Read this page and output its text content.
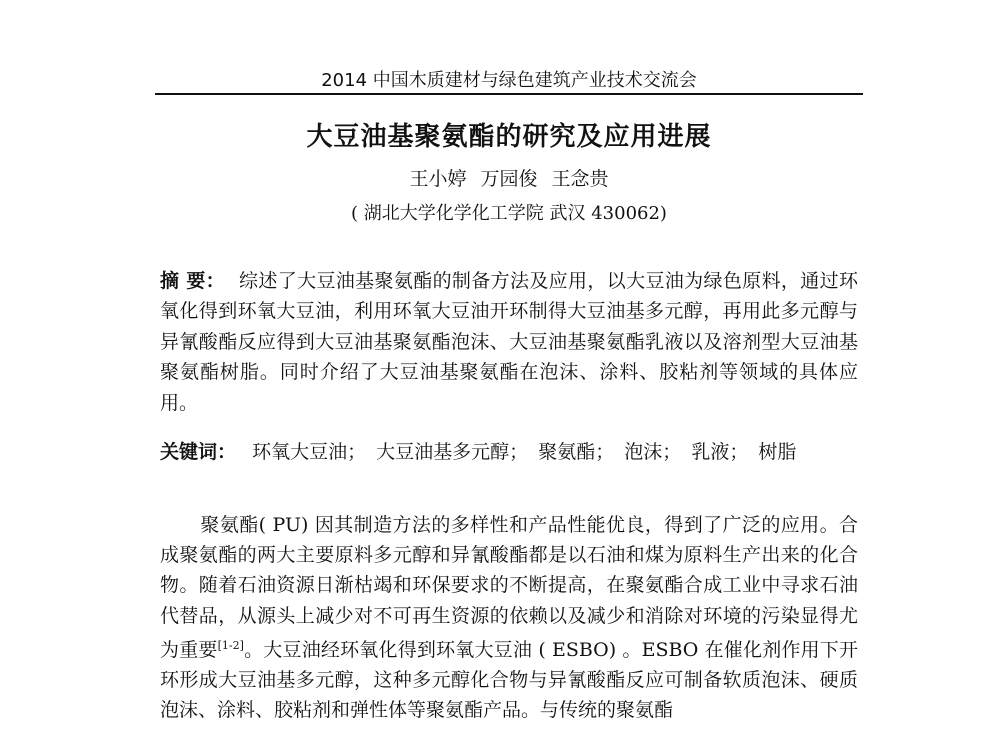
2014 中国木质建材与绿色建筑产业技术交流会
大豆油基聚氨酯的研究及应用进展
王小婷 万园俊 王念贵
( 湖北大学化学化工学院 武汉 430062)
摘 要： 综述了大豆油基聚氨酯的制备方法及应用，以大豆油为绿色原料，通过环氧化得到环氧大豆油，利用环氧大豆油开环制得大豆油基多元醇，再用此多元醇与异氰酸酯反应得到大豆油基聚氨酯泡沫、大豆油基聚氨酯乳液以及溶剂型大豆油基聚氨酯树脂。同时介绍了大豆油基聚氨酯在泡沫、涂料、胶粘剂等领域的具体应用。
关键词： 环氧大豆油； 大豆油基多元醇； 聚氨酯； 泡沫； 乳液； 树脂
聚氨酯( PU) 因其制造方法的多样性和产品性能优良，得到了广泛的应用。合成聚氨酯的两大主要原料多元醇和异氰酸酯都是以石油和煤为原料生产出来的化合物。随着石油资源日渐枯竭和环保要求的不断提高，在聚氨酯合成工业中寻求石油代替品，从源头上减少对不可再生资源的依赖以及减少和消除对环境的污染显得尤为重要[1-2]。大豆油经环氧化得到环氧大豆油 ( ESBO) 。ESBO 在催化剂作用下开环形成大豆油基多元醇，这种多元醇化合物与异氰酸酯反应可制备软质泡沫、硬质泡沫、涂料、胶粘剂和弹性体等聚氨酯产品。与传统的聚氨酯
